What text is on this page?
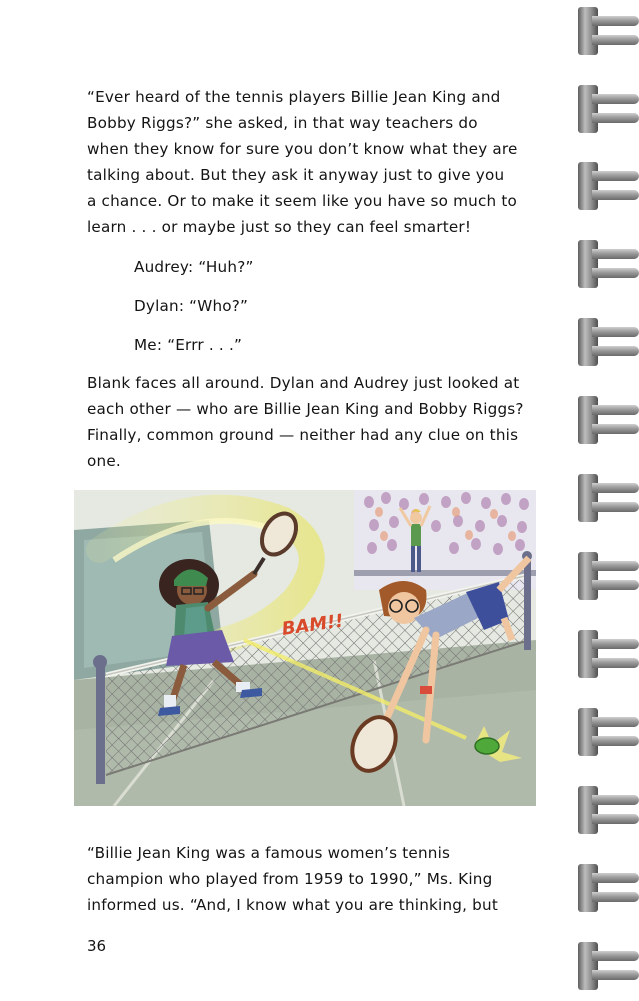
“Ever heard of the tennis players Billie Jean King and
Bobby Riggs?” she asked, in that way teachers do
when they know for sure you don’t know what they are
talking about. But they ask it anyway just to give you
a chance. Or to make it seem like you have so much to
learn . . . or maybe just so they can feel smarter!

Audrey: “Huh?”

Dylan: “Who?”

Me: “Errr . . .”

Blank faces all around. Dylan and Audrey just looked at
each other — who are Billie Jean King and Bobby Riggs?
Finally, common ground — neither had any clue on this
one.

BAM!!

“Billie Jean King was a famous women’s tennis
champion who played from 1959 to 1990,” Ms. King
informed us. “And, I know what you are thinking, but

36
